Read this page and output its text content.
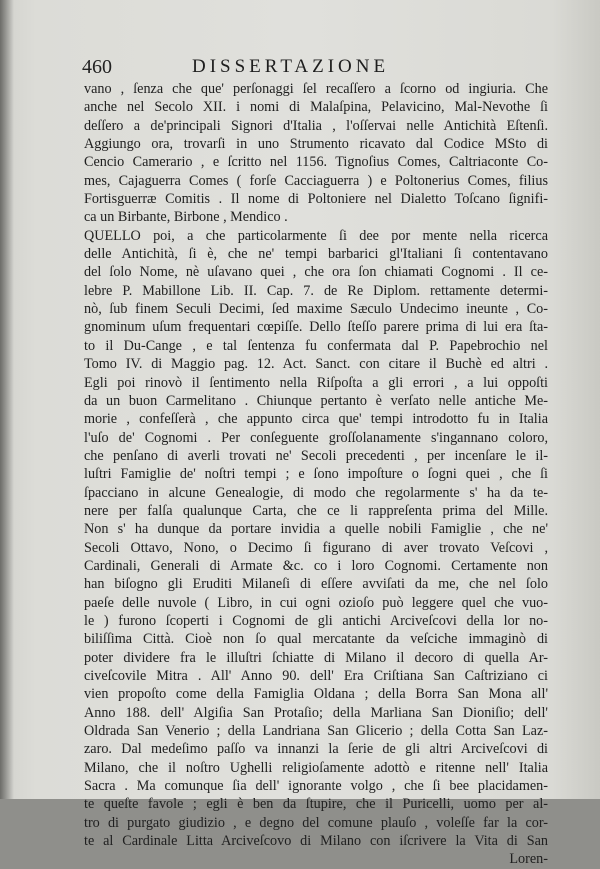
460	DISSERTAZIONE
vano , ſenza che que' perſonaggi ſel recaſſero a ſcorno od ingiuria. Che
anche nel Secolo XII. i nomi di Malaſpina, Pelavicino, Mal-Nevothe ſi
deſſero a de'principali Signori d'Italia , l'oſſervai nelle Antichità Eſtenſi.
Aggiungo ora, trovarſi in uno Strumento ricavato dal Codice MSto di
Cencio Camerario , e ſcritto nel 1156. Tignoſius Comes, Caltriaconte Co-
mes, Cajaguerra Comes ( forſe Cacciaguerra ) e Poltonerius Comes, filius
Fortisguerræ Comitis . Il nome di Poltoniere nel Dialetto Toſcano ſignifi-
ca un Birbante, Birbone , Mendico .
QUELLO poi, a che particolarmente ſi dee por mente nella ricerca
delle Antichità, ſi è, che ne' tempi barbarici gl'Italiani ſi contentavano
del ſolo Nome, nè uſavano quei , che ora ſon chiamati Cognomi . Il ce-
lebre P. Mabillone Lib. II. Cap. 7. de Re Diplom. rettamente determi-
nò, ſub finem Seculi Decimi, ſed maxime Sæculo Undecimo ineunte , Co-
gnominum uſum frequentari cœpiſſe. Dello ſteſſo parere prima di lui era ſta-
to il Du-Cange , e tal ſentenza fu confermata dal P. Papebrochio nel
Tomo IV. di Maggio pag. 12. Act. Sanct. con citare il Buchè ed altri .
Egli poi rinovò il ſentimento nella Riſpoſta a gli errori , a lui oppoſti
da un buon Carmelitano . Chiunque pertanto è verſato nelle antiche Me-
morie , confeſſerà , che appunto circa que' tempi introdotto fu in Italia
l'uſo de' Cognomi . Per conſeguente groſſolanamente s'ingannano coloro,
che penſano di averli trovati ne' Secoli precedenti , per incenſare le il-
luſtri Famiglie de' noſtri tempi ; e ſono impoſture o ſogni quei , che ſi
ſpacciano in alcune Genealogie, di modo che regolarmente s' ha da te-
nere per falſa qualunque Carta, che ce li rappreſenta prima del Mille.
Non s' ha dunque da portare invidia a quelle nobili Famiglie , che ne'
Secoli Ottavo, Nono, o Decimo ſi figurano di aver trovato Veſcovi ,
Cardinali, Generali di Armate &c. co i loro Cognomi. Certamente non
han biſogno gli Eruditi Milaneſi di eſſere avviſati da me, che nel ſolo
paeſe delle nuvole ( Libro, in cui ogni ozioſo può leggere quel che vuo-
le ) furono ſcoperti i Cognomi de gli antichi Arciveſcovi della lor no-
biliſſima Città. Cioè non ſo qual mercatante da veſciche immaginò di
poter dividere fra le illuſtri ſchiatte di Milano il decoro di quella Ar-
civeſcovile Mitra . All' Anno 90. dell' Era Criſtiana San Caſtriziano ci
vien propoſto come della Famiglia Oldana ; della Borra San Mona all'
Anno 188. dell' Algiſia San Protaſio; della Marliana San Dioniſio; dell'
Oldrada San Venerio ; della Landriana San Glicerio ; della Cotta San Laz-
zaro. Dal medeſimo paſſo va innanzi la ſerie de gli altri Arciveſcovi di
Milano, che il noſtro Ughelli religioſamente adottò e ritenne nell' Italia
Sacra . Ma comunque ſia dell' ignorante volgo , che ſi bee placidamen-
te queſte favole ; egli è ben da ſtupire, che il Puricelli, uomo per al-
tro di purgato giudizio , e degno del comune plauſo , voleſſe far la cor-
te al Cardinale Litta Arciveſcovo di Milano con iſcrivere la Vita di San
Loren-
